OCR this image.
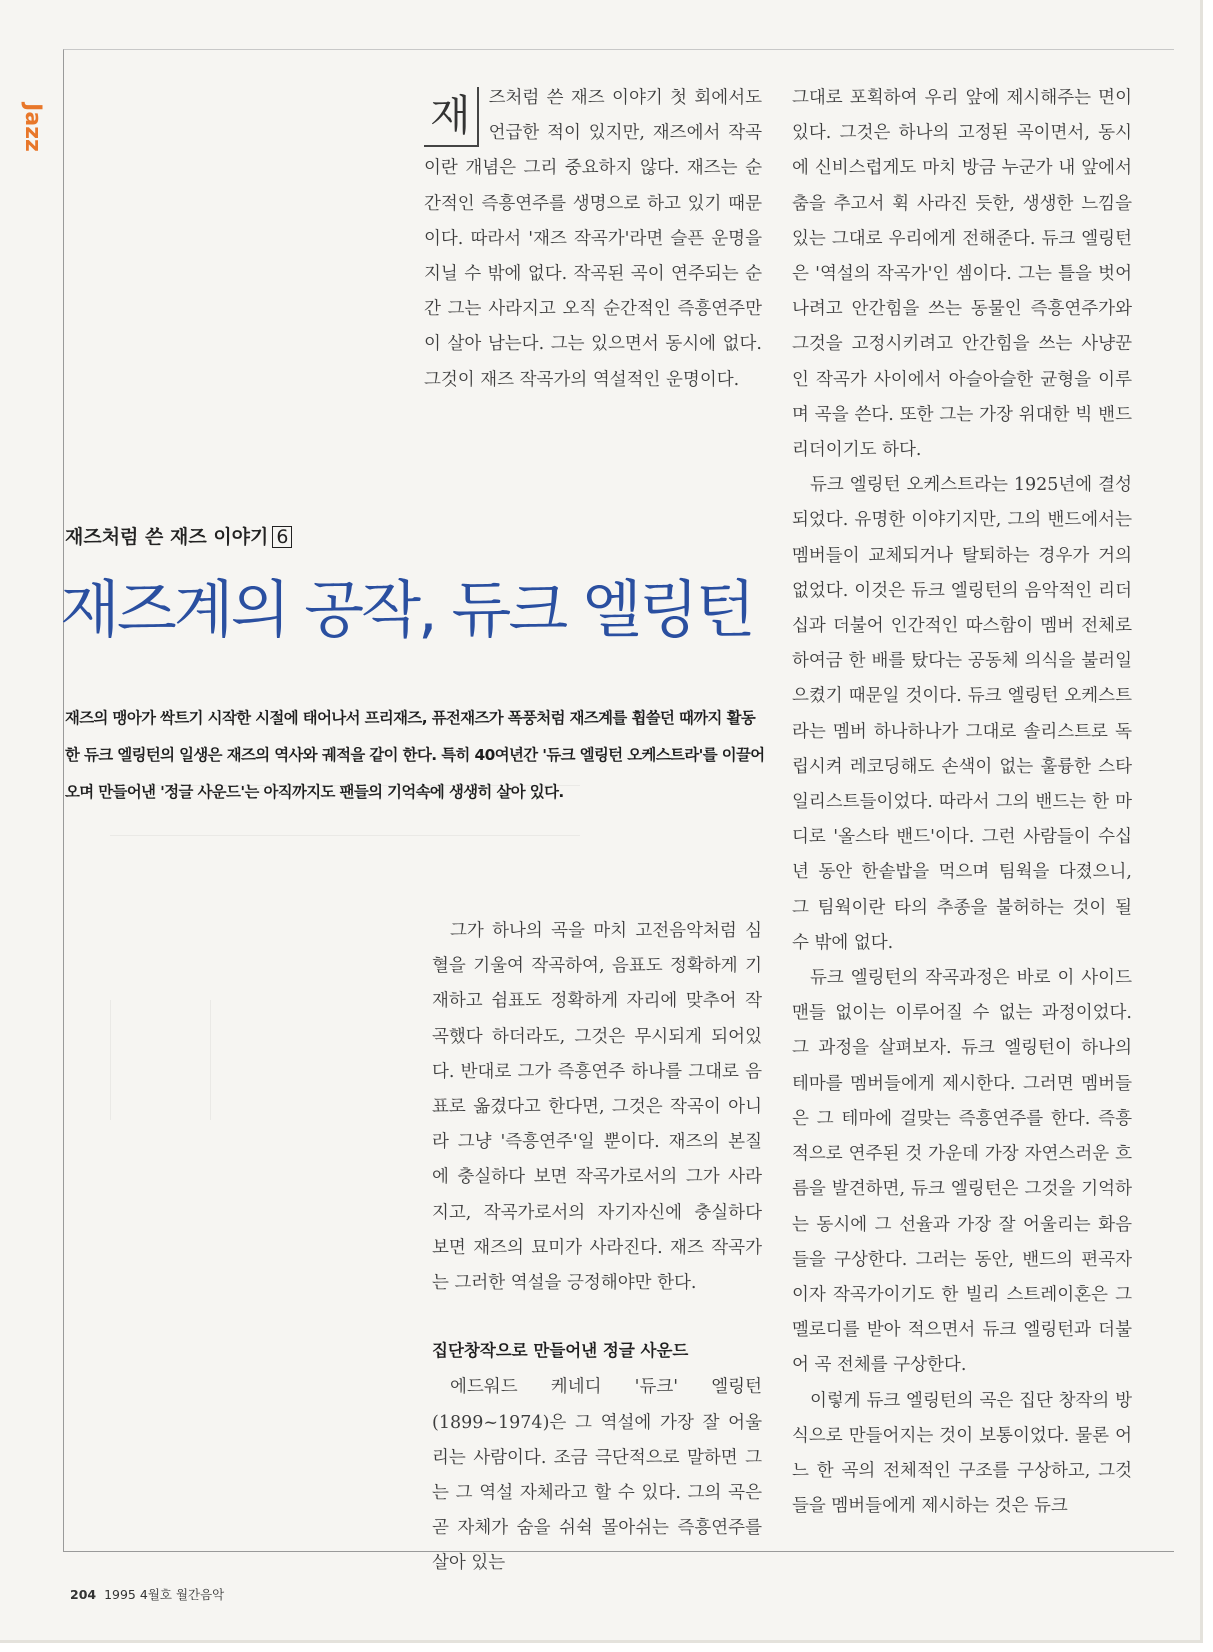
Jazz	재	즈처럼 쓴 재즈 이야기 첫 회에서도 언급한 적이 있지만, 재즈에서 작곡이란 개념은 그리 중요하지 않다. 재즈는 순간적인 즉흥연주를 생명으로 하고 있기 때문이다. 따라서 '재즈 작곡가'라면 슬픈 운명을 지닐 수 밖에 없다. 작곡된 곡이 연주되는 순간 그는 사라지고 오직 순간적인 즉흥연주만이 살아 남는다. 그는 있으면서 동시에 없다. 그것이 재즈 작곡가의 역설적인 운명이다.

재즈처럼 쓴 재즈 이야기 6
재즈계의 공작, 듀크 엘링턴
재즈의 맹아가 싹트기 시작한 시절에 태어나서 프리재즈, 퓨전재즈가 폭풍처럼 재즈계를 휩쓸던 때까지 활동한 듀크 엘링턴의 일생은 재즈의 역사와 궤적을 같이 한다. 특히 40여년간 '듀크 엘링턴 오케스트라'를 이끌어오며 만들어낸 '정글 사운드'는 아직까지도 팬들의 기억속에 생생히 살아 있다.

그가 하나의 곡을 마치 고전음악처럼 심혈을 기울여 작곡하여, 음표도 정확하게 기재하고 쉼표도 정확하게 자리에 맞추어 작곡했다 하더라도, 그것은 무시되게 되어있다. 반대로 그가 즉흥연주 하나를 그대로 음표로 옮겼다고 한다면, 그것은 작곡이 아니라 그냥 '즉흥연주'일 뿐이다. 재즈의 본질에 충실하다 보면 작곡가로서의 그가 사라지고, 작곡가로서의 자기자신에 충실하다 보면 재즈의 묘미가 사라진다. 재즈 작곡가는 그러한 역설을 긍정해야만 한다.

집단창작으로 만들어낸 정글 사운드

에드워드 케네디 '듀크' 엘링턴(1899~1974)은 그 역설에 가장 잘 어울리는 사람이다. 조금 극단적으로 말하면 그는 그 역설 자체라고 할 수 있다. 그의 곡은 곧 자체가 숨을 쉬쉭 몰아쉬는 즉흥연주를 살아 있는

그대로 포획하여 우리 앞에 제시해주는 면이 있다. 그것은 하나의 고정된 곡이면서, 동시에 신비스럽게도 마치 방금 누군가 내 앞에서 춤을 추고서 휙 사라진 듯한, 생생한 느낌을 있는 그대로 우리에게 전해준다. 듀크 엘링턴은 '역설의 작곡가'인 셈이다. 그는 틀을 벗어나려고 안간힘을 쓰는 동물인 즉흥연주가와 그것을 고정시키려고 안간힘을 쓰는 사냥꾼인 작곡가 사이에서 아슬아슬한 균형을 이루며 곡을 쓴다. 또한 그는 가장 위대한 빅 밴드 리더이기도 하다.

듀크 엘링턴 오케스트라는 1925년에 결성되었다. 유명한 이야기지만, 그의 밴드에서는 멤버들이 교체되거나 탈퇴하는 경우가 거의 없었다. 이것은 듀크 엘링턴의 음악적인 리더십과 더불어 인간적인 따스함이 멤버 전체로 하여금 한 배를 탔다는 공동체 의식을 불러일으켰기 때문일 것이다. 듀크 엘링턴 오케스트라는 멤버 하나하나가 그대로 솔리스트로 독립시켜 레코딩해도 손색이 없는 훌륭한 스타일리스트들이었다. 따라서 그의 밴드는 한 마디로 '올스타 밴드'이다. 그런 사람들이 수십년 동안 한솥밥을 먹으며 팀웍을 다졌으니, 그 팀웍이란 타의 추종을 불허하는 것이 될 수 밖에 없다.

듀크 엘링턴의 작곡과정은 바로 이 사이드맨들 없이는 이루어질 수 없는 과정이었다. 그 과정을 살펴보자. 듀크 엘링턴이 하나의 테마를 멤버들에게 제시한다. 그러면 멤버들은 그 테마에 걸맞는 즉흥연주를 한다. 즉흥적으로 연주된 것 가운데 가장 자연스러운 흐름을 발견하면, 듀크 엘링턴은 그것을 기억하는 동시에 그 선율과 가장 잘 어울리는 화음들을 구상한다. 그러는 동안, 밴드의 편곡자이자 작곡가이기도 한 빌리 스트레이혼은 그 멜로디를 받아 적으면서 듀크 엘링턴과 더불어 곡 전체를 구상한다.

이렇게 듀크 엘링턴의 곡은 집단 창작의 방식으로 만들어지는 것이 보통이었다. 물론 어느 한 곡의 전체적인 구조를 구상하고, 그것들을 멤버들에게 제시하는 것은 듀크

204 1995 4월호 월간음악
